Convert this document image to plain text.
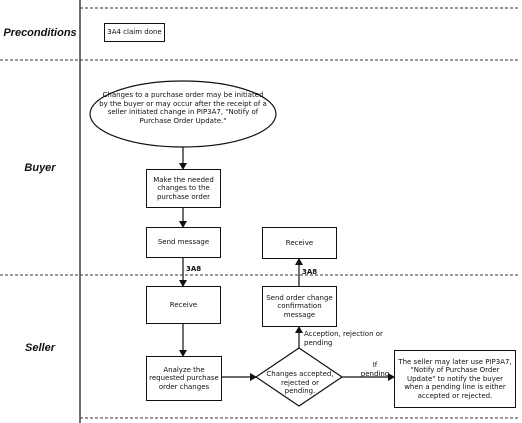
Preconditions
Buyer
Seller
3A4 claim done
Changes to a purchase order may be initiated by the buyer or may occur after the receipt of a seller initiated change in PIP3A7, "Notify of Purchase Order Update."
Make the needed changes to the purchase order
Send message	Receive
Receive
Send order change confirmation message
Analyze the requested purchase order changes
Changes accepted, rejected or pending.
3A8	3A8
Acception, rejection or pending
If pending
The seller may later use PIP3A7, "Notify of Purchase Order Update" to notify the buyer when a pending line is either accepted or rejected.
